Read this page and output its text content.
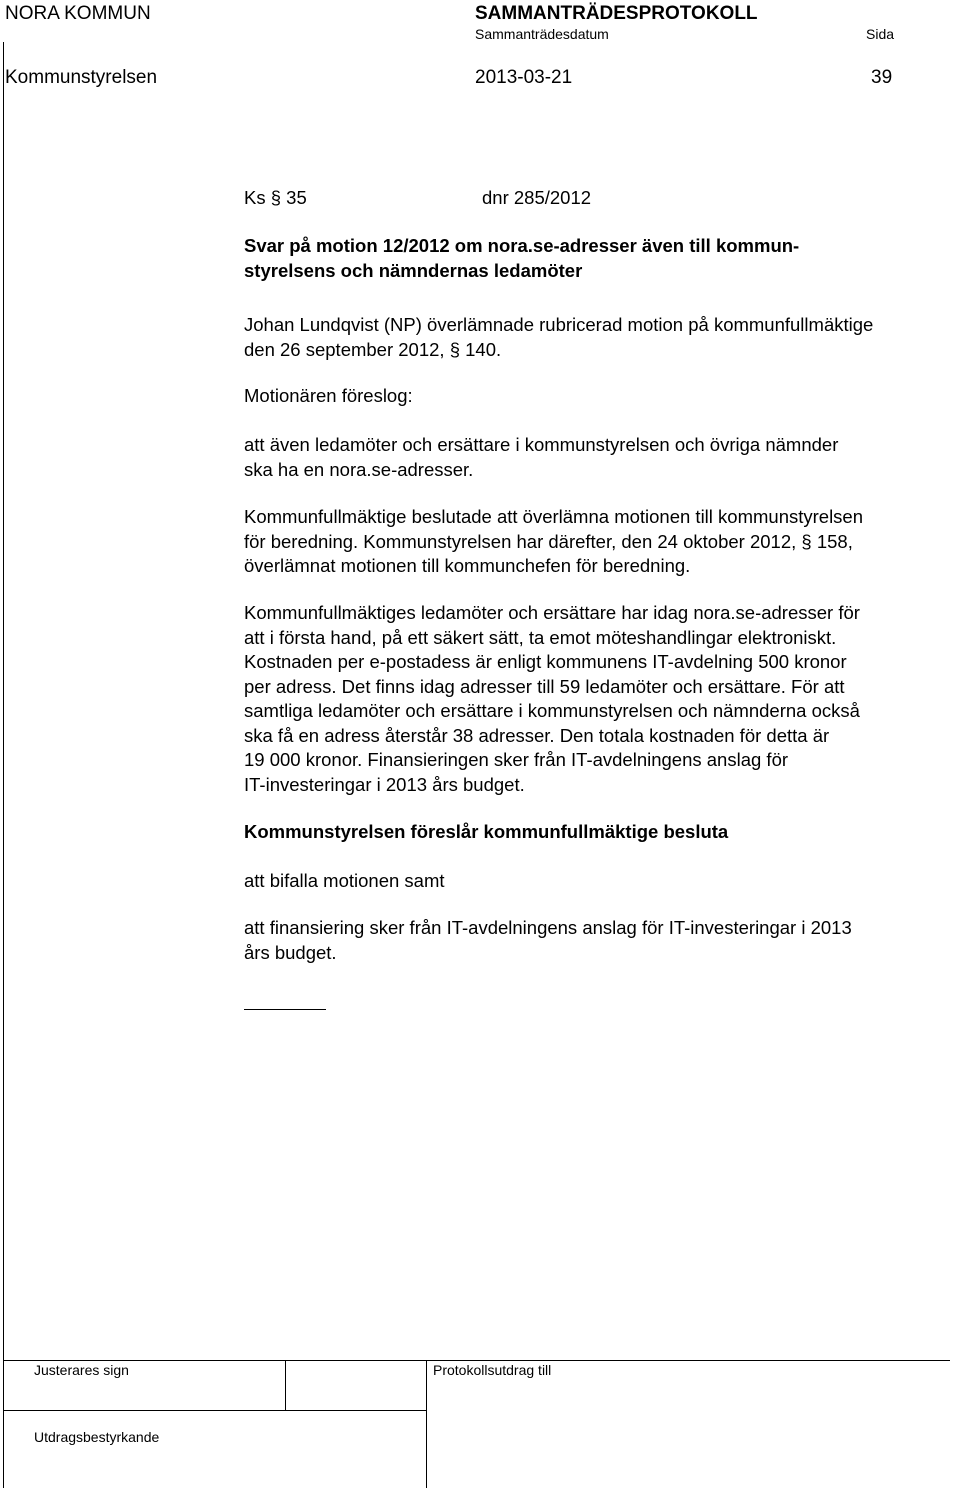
NORA KOMMUN	SAMMANTRÄDESPROTOKOLL
Sammanträdesdatum	Sida
Kommunstyrelsen	2013-03-21	39
Ks § 35	dnr 285/2012
Svar på motion 12/2012 om nora.se-adresser även till kommun-
styrelsens och nämndernas ledamöter
Johan Lundqvist (NP) överlämnade rubricerad motion på kommunfullmäktige
den 26 september 2012, § 140.
Motionären föreslog:
att även ledamöter och ersättare i kommunstyrelsen och övriga nämnder
ska ha en nora.se-adresser.
Kommunfullmäktige beslutade att överlämna motionen till kommunstyrelsen
för beredning. Kommunstyrelsen har därefter, den 24 oktober 2012, § 158,
överlämnat motionen till kommunchefen för beredning.
Kommunfullmäktiges ledamöter och ersättare har idag nora.se-adresser för
att i första hand, på ett säkert sätt, ta emot möteshandlingar elektroniskt.
Kostnaden per e-postadess är enligt kommunens IT-avdelning 500 kronor
per adress. Det finns idag adresser till 59 ledamöter och ersättare. För att
samtliga ledamöter och ersättare i kommunstyrelsen och nämnderna också
ska få en adress återstår 38 adresser. Den totala kostnaden för detta är
19 000 kronor. Finansieringen sker från IT-avdelningens anslag för
IT-investeringar i 2013 års budget.
Kommunstyrelsen föreslår kommunfullmäktige besluta
att bifalla motionen samt
att finansiering sker från IT-avdelningens anslag för IT-investeringar i 2013
års budget.
Justerares sign	Protokollsutdrag till
Utdragsbestyrkande
